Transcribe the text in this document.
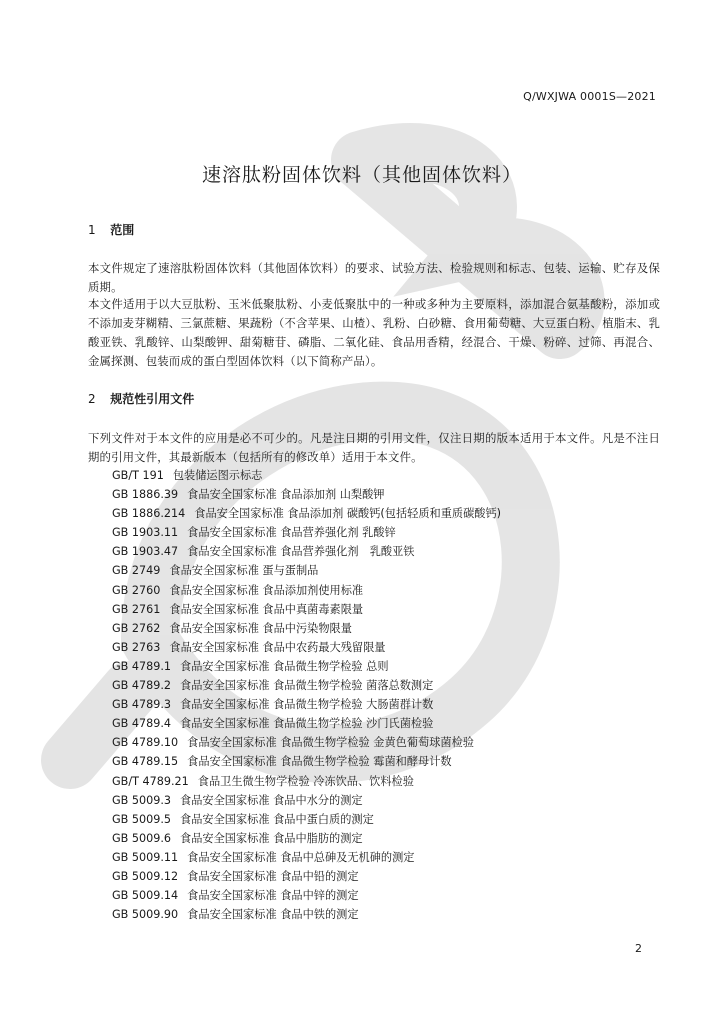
Q/WXJWA 0001S—2021
速溶肽粉固体饮料（其他固体饮料）
1 范围

本文件规定了速溶肽粉固体饮料（其他固体饮料）的要求、试验方法、检验规则和标志、包装、运输、贮存及保质期。

本文件适用于以大豆肽粉、玉米低聚肽粉、小麦低聚肽中的一种或多种为主要原料，添加混合氨基酸粉，添加或不添加麦芽糊精、三氯蔗糖、果蔬粉（不含苹果、山楂）、乳粉、白砂糖、食用葡萄糖、大豆蛋白粉、植脂末、乳酸亚铁、乳酸锌、山梨酸钾、甜菊糖苷、磷脂、二氧化硅、食品用香精，经混合、干燥、粉碎、过筛、再混合、金属探测、包装而成的蛋白型固体饮料（以下简称产品）。

2 规范性引用文件

下列文件对于本文件的应用是必不可少的。凡是注日期的引用文件，仅注日期的版本适用于本文件。凡是不注日期的引用文件，其最新版本（包括所有的修改单）适用于本文件。

GB/T 191 包装储运图示标志
GB 1886.39 食品安全国家标准 食品添加剂 山梨酸钾
GB 1886.214 食品安全国家标准 食品添加剂 碳酸钙(包括轻质和重质碳酸钙)
GB 1903.11 食品安全国家标准 食品营养强化剂 乳酸锌
GB 1903.47 食品安全国家标准 食品营养强化剂　乳酸亚铁
GB 2749 食品安全国家标准 蛋与蛋制品
GB 2760 食品安全国家标准 食品添加剂使用标准
GB 2761 食品安全国家标准 食品中真菌毒素限量
GB 2762 食品安全国家标准 食品中污染物限量
GB 2763 食品安全国家标准 食品中农药最大残留限量
GB 4789.1 食品安全国家标准 食品微生物学检验 总则
GB 4789.2 食品安全国家标准 食品微生物学检验 菌落总数测定
GB 4789.3 食品安全国家标准 食品微生物学检验 大肠菌群计数
GB 4789.4 食品安全国家标准 食品微生物学检验 沙门氏菌检验
GB 4789.10 食品安全国家标准 食品微生物学检验 金黄色葡萄球菌检验
GB 4789.15 食品安全国家标准 食品微生物学检验 霉菌和酵母计数
GB/T 4789.21 食品卫生微生物学检验 冷冻饮品、饮料检验
GB 5009.3 食品安全国家标准 食品中水分的测定
GB 5009.5 食品安全国家标准 食品中蛋白质的测定
GB 5009.6 食品安全国家标准 食品中脂肪的测定
GB 5009.11 食品安全国家标准 食品中总砷及无机砷的测定
GB 5009.12 食品安全国家标准 食品中铅的测定
GB 5009.14 食品安全国家标准 食品中锌的测定
GB 5009.90 食品安全国家标准 食品中铁的测定
2
